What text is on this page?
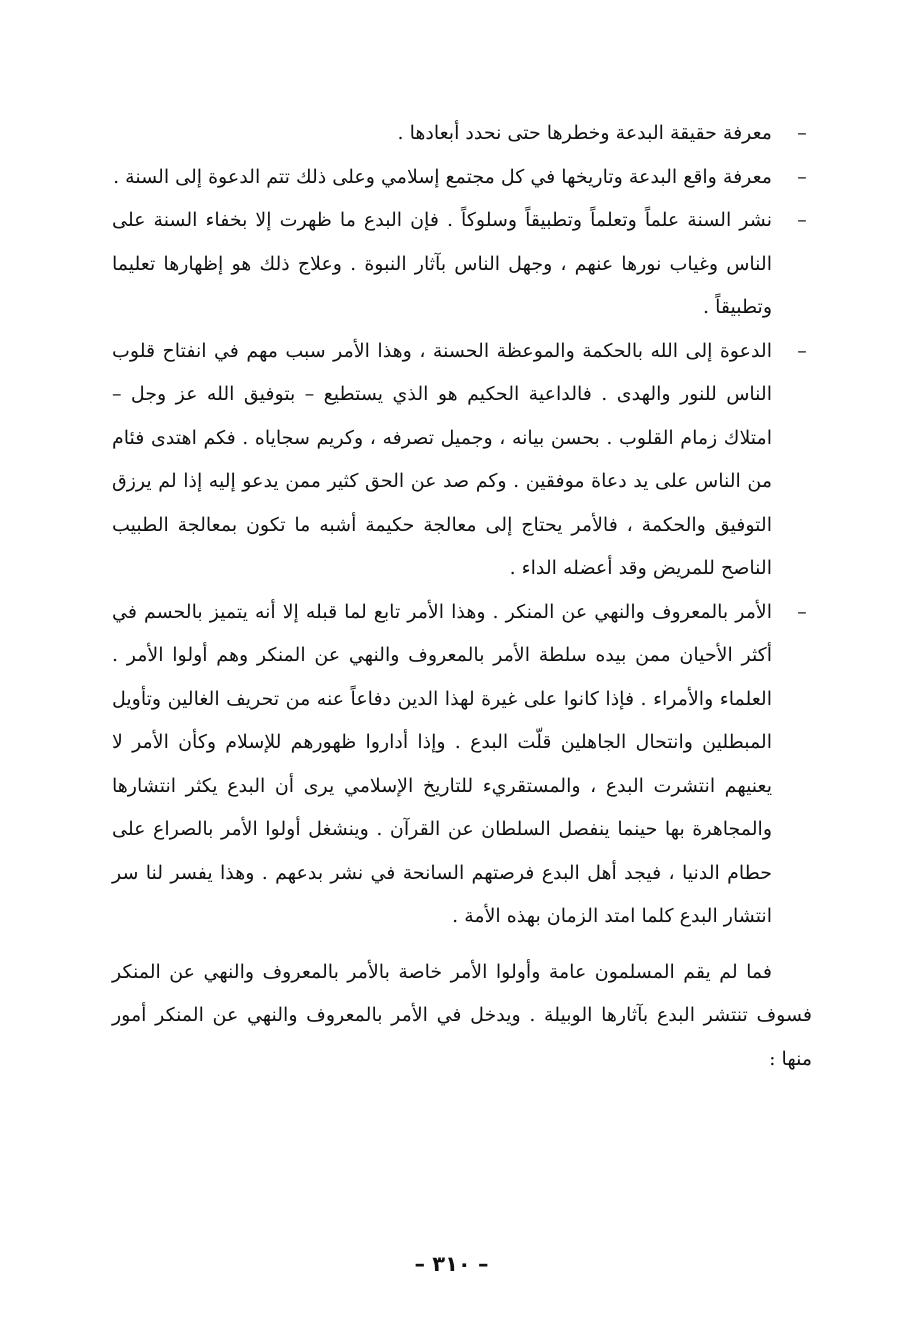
–
معرفة حقيقة البدعة وخطرها حتى نحدد أبعادها .
–
معرفة واقع البدعة وتاريخها في كل مجتمع إسلامي وعلى ذلك تتم الدعوة إلى السنة .
–
نشر السنة علماً وتعلماً وتطبيقاً وسلوكاً . فإن البدع ما ظهرت إلا بخفاء السنة على الناس وغياب نورها عنهم ، وجهل الناس بآثار النبوة . وعلاج ذلك هو إظهارها تعليما وتطبيقاً .
–
الدعوة إلى الله بالحكمة والموعظة الحسنة ، وهذا الأمر سبب مهم في انفتاح قلوب الناس للنور والهدى . فالداعية الحكيم هو الذي يستطيع – بتوفيق الله عز وجل – امتلاك زمام القلوب . بحسن بيانه ، وجميل تصرفه ، وكريم سجاياه . فكم اهتدى فئام من الناس على يد دعاة موفقين . وكم صد عن الحق كثير ممن يدعو إليه إذا لم يرزق التوفيق والحكمة ، فالأمر يحتاج إلى معالجة حكيمة أشبه ما تكون بمعالجة الطبيب الناصح للمريض وقد أعضله الداء .
–
الأمر بالمعروف والنهي عن المنكر . وهذا الأمر تابع لما قبله إلا أنه يتميز بالحسم في أكثر الأحيان ممن بيده سلطة الأمر بالمعروف والنهي عن المنكر وهم أولوا الأمر . العلماء والأمراء . فإذا كانوا على غيرة لهذا الدين دفاعاً عنه من تحريف الغالين وتأويل المبطلين وانتحال الجاهلين قلّت البدع . وإذا أداروا ظهورهم للإسلام وكأن الأمر لا يعنيهم انتشرت البدع ، والمستقريء للتاريخ الإسلامي يرى أن البدع يكثر انتشارها والمجاهرة بها حينما ينفصل السلطان عن القرآن . وينشغل أولوا الأمر بالصراع على حطام الدنيا ، فيجد أهل البدع فرصتهم السانحة في نشر بدعهم . وهذا يفسر لنا سر انتشار البدع كلما امتد الزمان بهذه الأمة .

فما لم يقم المسلمون عامة وأولوا الأمر خاصة بالأمر بالمعروف والنهي عن المنكر فسوف تنتشر البدع بآثارها الوبيلة . ويدخل في الأمر بالمعروف والنهي عن المنكر أمور منها :

– ٣١٠ –
